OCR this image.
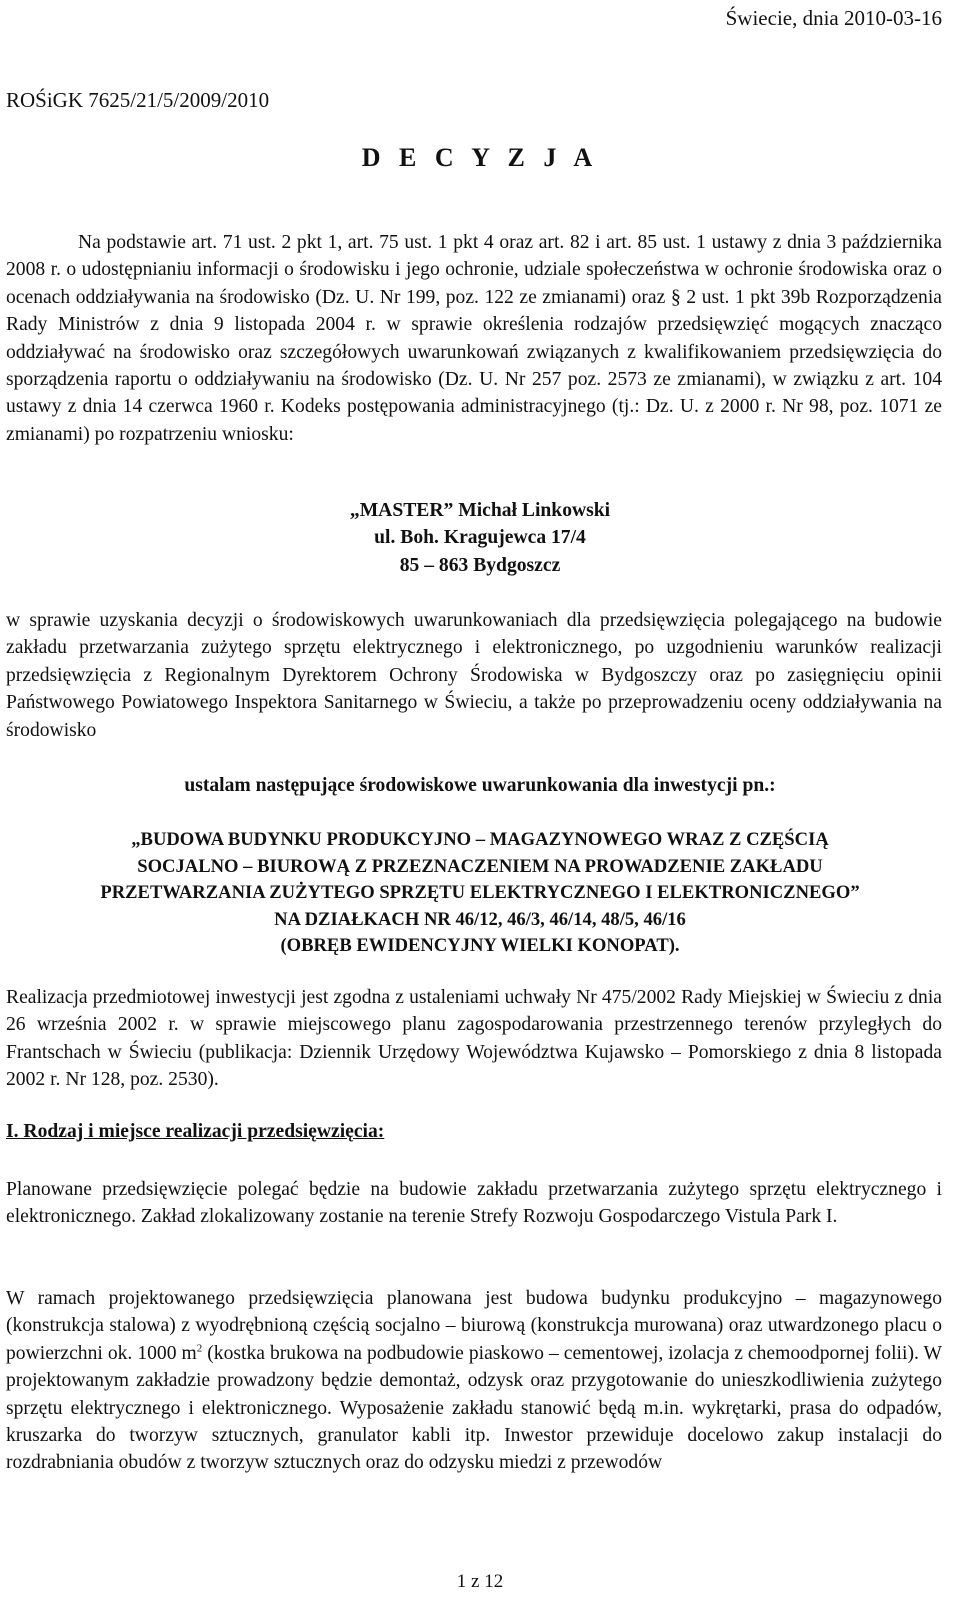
Świecie, dnia 2010-03-16
ROŚiGK 7625/21/5/2009/2010
D E C Y Z J A
Na podstawie art. 71 ust. 2 pkt 1, art. 75 ust. 1 pkt 4 oraz art. 82 i art. 85 ust. 1 ustawy z dnia 3 października 2008 r. o udostępnianiu informacji o środowisku i jego ochronie, udziale społeczeństwa w ochronie środowiska oraz o ocenach oddziaływania na środowisko (Dz. U. Nr 199, poz. 122 ze zmianami) oraz § 2 ust. 1 pkt 39b Rozporządzenia Rady Ministrów z dnia 9 listopada 2004 r. w sprawie określenia rodzajów przedsięwzięć mogących znacząco oddziaływać na środowisko oraz szczegółowych uwarunkowań związanych z kwalifikowaniem przedsięwzięcia do sporządzenia raportu o oddziaływaniu na środowisko (Dz. U. Nr 257 poz. 2573 ze zmianami), w związku z art. 104 ustawy z dnia 14 czerwca 1960 r. Kodeks postępowania administracyjnego (tj.: Dz. U. z 2000 r. Nr 98, poz. 1071 ze zmianami) po rozpatrzeniu wniosku:
„MASTER” Michał Linkowski
ul. Boh. Kragujewca 17/4
85 – 863 Bydgoszcz
w sprawie uzyskania decyzji o środowiskowych uwarunkowaniach dla przedsięwzięcia polegającego na budowie zakładu przetwarzania zużytego sprzętu elektrycznego i elektronicznego, po uzgodnieniu warunków realizacji przedsięwzięcia z Regionalnym Dyrektorem Ochrony Środowiska w Bydgoszczy oraz po zasięgnięciu opinii Państwowego Powiatowego Inspektora Sanitarnego w Świeciu, a także po przeprowadzeniu oceny oddziaływania na środowisko
ustalam następujące środowiskowe uwarunkowania dla inwestycji pn.:
„BUDOWA BUDYNKU PRODUKCYJNO – MAGAZYNOWEGO WRAZ Z CZĘŚCIĄ
SOCJALNO – BIUROWĄ Z PRZEZNACZENIEM NA PROWADZENIE ZAKŁADU
PRZETWARZANIA ZUŻYTEGO SPRZĘTU ELEKTRYCZNEGO I ELEKTRONICZNEGO”
NA DZIAŁKACH NR 46/12, 46/3, 46/14, 48/5, 46/16
(OBRĘB EWIDENCYJNY WIELKI KONOPAT).
Realizacja przedmiotowej inwestycji jest zgodna z ustaleniami uchwały Nr 475/2002 Rady Miejskiej w Świeciu z dnia 26 września 2002 r. w sprawie miejscowego planu zagospodarowania przestrzennego terenów przyległych do Frantschach w Świeciu (publikacja: Dziennik Urzędowy Województwa Kujawsko – Pomorskiego z dnia 8 listopada 2002 r. Nr 128, poz. 2530).
I. Rodzaj i miejsce realizacji przedsięwzięcia:
Planowane przedsięwzięcie polegać będzie na budowie zakładu przetwarzania zużytego sprzętu elektrycznego i elektronicznego. Zakład zlokalizowany zostanie na terenie Strefy Rozwoju Gospodarczego Vistula Park I.
W ramach projektowanego przedsięwzięcia planowana jest budowa budynku produkcyjno – magazynowego (konstrukcja stalowa) z wyodrębnioną częścią socjalno – biurową (konstrukcja murowana) oraz utwardzonego placu o powierzchni ok. 1000 $m^2$ (kostka brukowa na podbudowie piaskowo – cementowej, izolacja z chemoodpornej folii). W projektowanym zakładzie prowadzony będzie demontaż, odzysk oraz przygotowanie do unieszkodliwienia zużytego sprzętu elektrycznego i elektronicznego. Wyposażenie zakładu stanowić będą m.in. wykrętarki, prasa do odpadów, kruszarka do tworzyw sztucznych, granulator kabli itp. Inwestor przewiduje docelowo zakup instalacji do rozdrabniania obudów z tworzyw sztucznych oraz do odzysku miedzi z przewodów
1 z 12
